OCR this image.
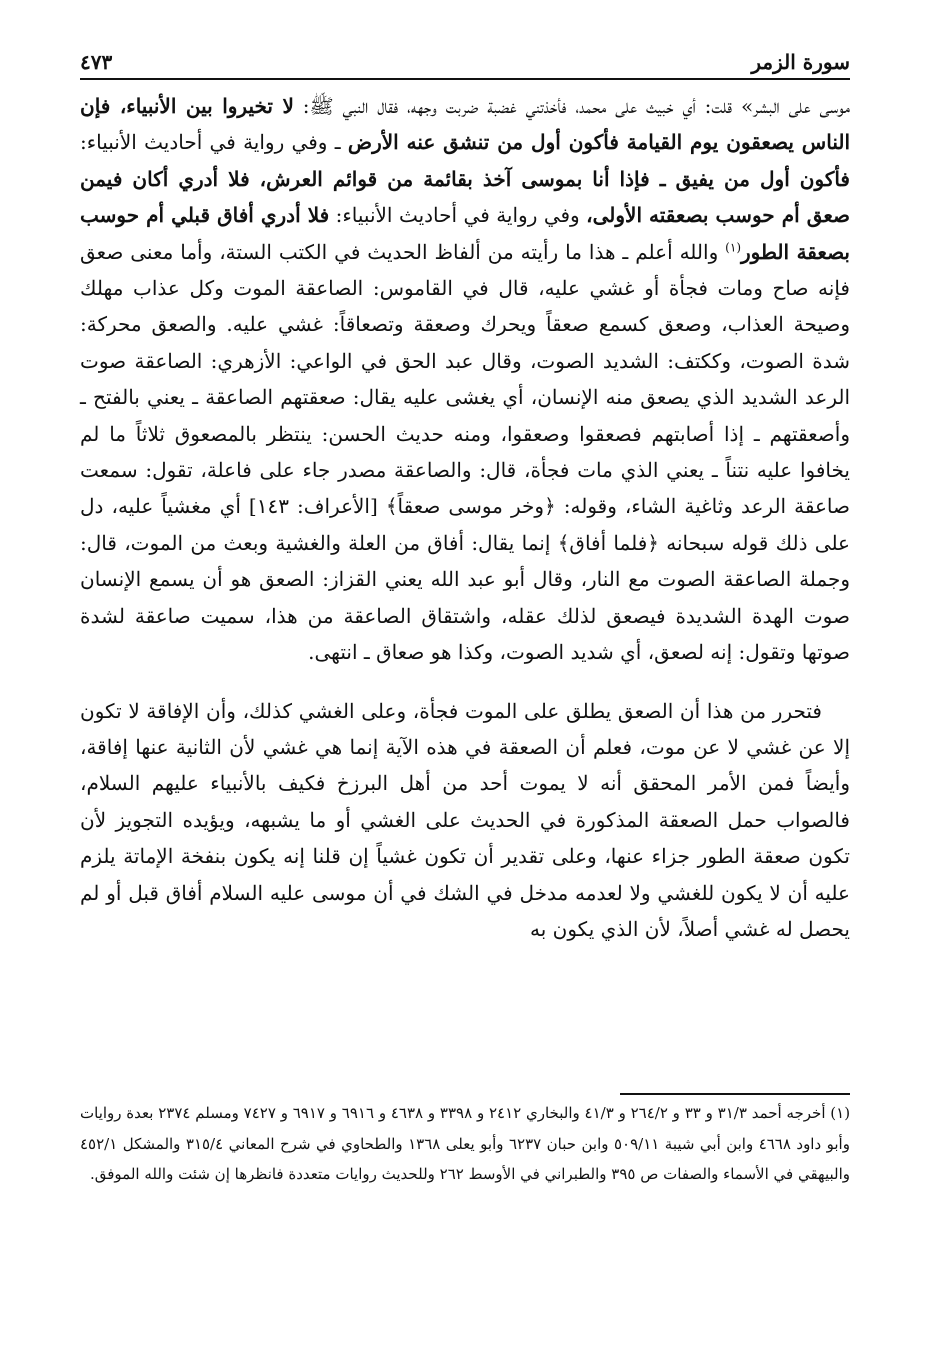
٤٧٣	سورة الزمر

موسى على البشر» قلت: أي خبيث على محمد، فأخذتني غضبة ضربت وجهه، فقال النبي ﷺ: لا تخيروا بين الأنبياء، فإن الناس يصعقون يوم القيامة فأكون أول من تنشق عنه الأرض ـ وفي رواية في أحاديث الأنبياء: فأكون أول من يفيق ـ فإذا أنا بموسى آخذ بقائمة من قوائم العرش، فلا أدري أكان فيمن صعق أم حوسب بصعقته الأولى، وفي رواية في أحاديث الأنبياء: فلا أدري أفاق قبلي أم حوسب بصعقة الطور$^{(١)}$ والله أعلم ـ هذا ما رأيته من ألفاظ الحديث في الكتب الستة، وأما معنى صعق فإنه صاح ومات فجأة أو غشي عليه، قال في القاموس: الصاعقة الموت وكل عذاب مهلك وصيحة العذاب، وصعق كسمع صعقاً ويحرك وصعقة وتصعاقاً: غشي عليه. والصعق محركة: شدة الصوت، وككتف: الشديد الصوت، وقال عبد الحق في الواعي: الأزهري: الصاعقة صوت الرعد الشديد الذي يصعق منه الإنسان، أي يغشى عليه يقال: صعقتهم الصاعقة ـ يعني بالفتح ـ وأصعقتهم ـ إذا أصابتهم فصعقوا وصعقوا، ومنه حديث الحسن: ينتظر بالمصعوق ثلاثاً ما لم يخافوا عليه نتناً ـ يعني الذي مات فجأة، قال: والصاعقة مصدر جاء على فاعلة، تقول: سمعت صاعقة الرعد وثاغية الشاء، وقوله: ﴿وخر موسى صعقاً﴾ [الأعراف: ١٤٣] أي مغشياً عليه، دل على ذلك قوله سبحانه ﴿فلما أفاق﴾ إنما يقال: أفاق من العلة والغشية وبعث من الموت، قال: وجملة الصاعقة الصوت مع النار، وقال أبو عبد الله يعني القزاز: الصعق هو أن يسمع الإنسان صوت الهدة الشديدة فيصعق لذلك عقله، واشتقاق الصاعقة من هذا، سميت صاعقة لشدة صوتها وتقول: إنه لصعق، أي شديد الصوت، وكذا هو صعاق ـ انتهى.

فتحرر من هذا أن الصعق يطلق على الموت فجأة، وعلى الغشي كذلك، وأن الإفاقة لا تكون إلا عن غشي لا عن موت، فعلم أن الصعقة في هذه الآية إنما هي غشي لأن الثانية عنها إفاقة، وأيضاً فمن الأمر المحقق أنه لا يموت أحد من أهل البرزخ فكيف بالأنبياء عليهم السلام، فالصواب حمل الصعقة المذكورة في الحديث على الغشي أو ما يشبهه، ويؤيده التجويز لأن تكون صعقة الطور جزاء عنها، وعلى تقدير أن تكون غشياً إن قلنا إنه يكون بنفخة الإماتة يلزم عليه أن لا يكون للغشي ولا لعدمه مدخل في الشك في أن موسى عليه السلام أفاق قبل أو لم يحصل له غشي أصلاً، لأن الذي يكون به

(١) أخرجه أحمد ٣١/٣ و ٣٣ و ٢٦٤/٢ و ٤١/٣ والبخاري ٢٤١٢ و ٣٣٩٨ و ٤٦٣٨ و ٦٩١٦ و ٦٩١٧ و ٧٤٢٧ ومسلم ٢٣٧٤ بعدة روايات وأبو داود ٤٦٦٨ وابن أبي شيبة ٥٠٩/١١ وابن حبان ٦٢٣٧ وأبو يعلى ١٣٦٨ والطحاوي في شرح المعاني ٣١٥/٤ والمشكل ٤٥٢/١ والبيهقي في الأسماء والصفات ص ٣٩٥ والطبراني في الأوسط ٢٦٢ وللحديث روايات متعددة فانظرها إن شئت والله الموفق.
